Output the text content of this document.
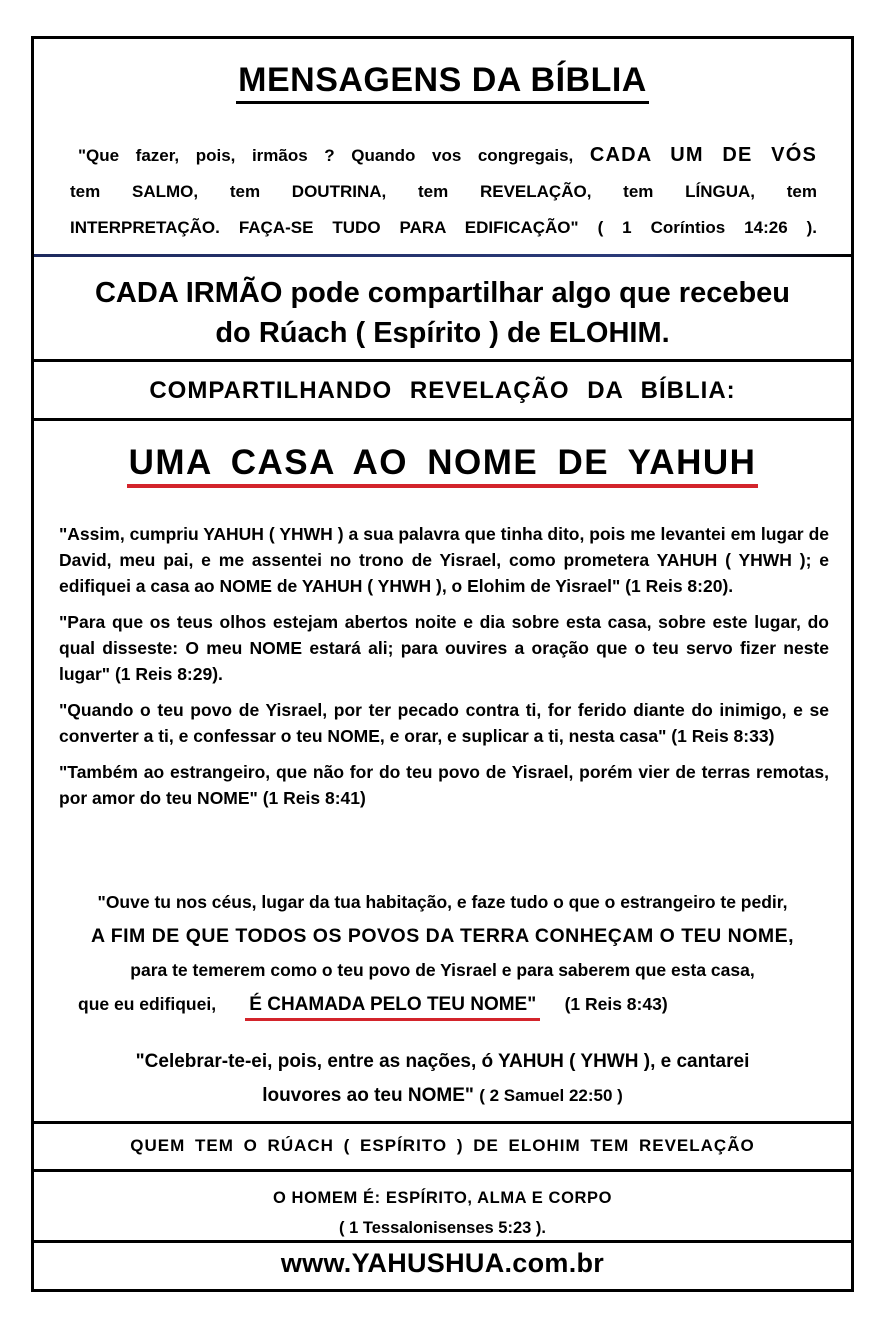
MENSAGENS DA BÍBLIA
"Que fazer, pois, irmãos ? Quando vos congregais, CADA UM DE VÓS
tem SALMO, tem DOUTRINA, tem REVELAÇÃO, tem LÍNGUA, tem
INTERPRETAÇÃO. FAÇA-SE TUDO PARA EDIFICAÇÃO" ( 1 Coríntios 14:26 ).
CADA IRMÃO pode compartilhar algo que recebeu
do Rúach ( Espírito ) de ELOHIM.
COMPARTILHANDO REVELAÇÃO DA BÍBLIA:
UMA CASA AO NOME DE YAHUH
"Assim, cumpriu YAHUH ( YHWH ) a sua palavra que tinha dito, pois me levantei em lugar de David, meu pai, e me assentei no trono de Yisrael, como prometera YAHUH ( YHWH ); e edifiquei a casa ao NOME de YAHUH ( YHWH ), o Elohim de Yisrael" (1 Reis 8:20).
"Para que os teus olhos estejam abertos noite e dia sobre esta casa, sobre este lugar, do qual disseste: O meu NOME estará ali; para ouvires a oração que o teu servo fizer neste lugar" (1 Reis 8:29).
"Quando o teu povo de Yisrael, por ter pecado contra ti, for ferido diante do inimigo, e se converter a ti, e confessar o teu NOME, e orar, e suplicar a ti, nesta casa" (1 Reis 8:33)
"Também ao estrangeiro, que não for do teu povo de Yisrael, porém vier de terras remotas, por amor do teu NOME" (1 Reis 8:41)
"Ouve tu nos céus, lugar da tua habitação, e faze tudo o que o estrangeiro te pedir,
A FIM DE QUE TODOS OS POVOS DA TERRA CONHEÇAM O TEU NOME,
para te temerem como o teu povo de Yisrael e para saberem que esta casa,
que eu edifiquei, É CHAMADA PELO TEU NOME" (1 Reis 8:43)
"Celebrar-te-ei, pois, entre as nações, ó YAHUH ( YHWH ), e cantarei
louvores ao teu NOME" ( 2 Samuel 22:50 )
QUEM TEM O RÚACH ( ESPÍRITO ) DE ELOHIM TEM REVELAÇÃO
O HOMEM É: ESPÍRITO, ALMA E CORPO
( 1 Tessalonisenses 5:23 ).
www.YAHUSHUA.com.br
